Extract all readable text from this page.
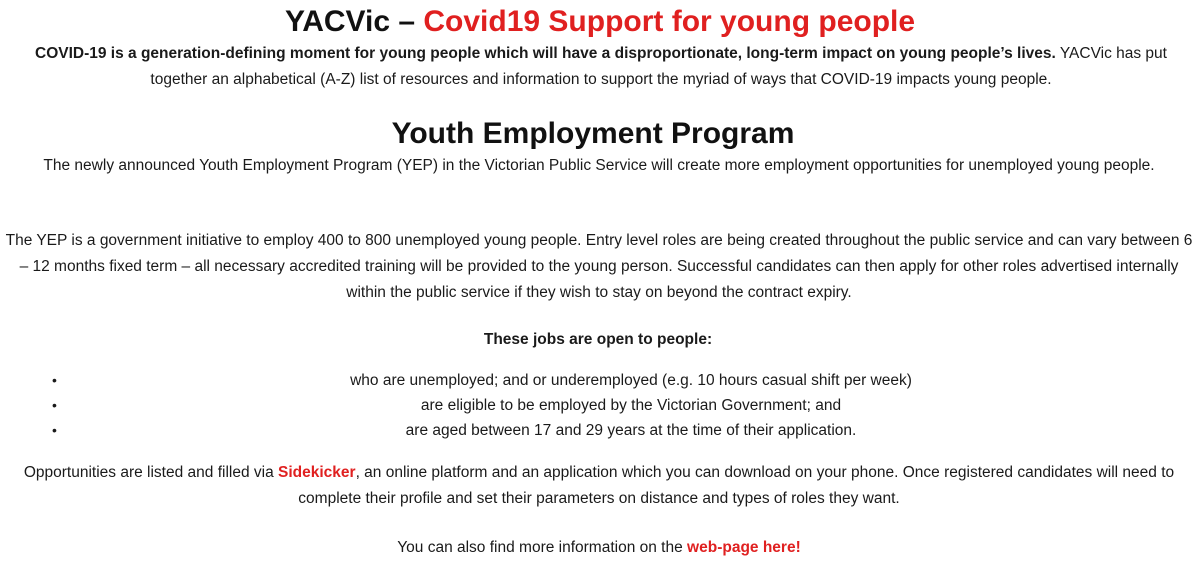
YACVic – Covid19 Support for young people

COVID-19 is a generation-defining moment for young people which will have a disproportionate, long-term impact on young people’s lives. YACVic has put together an alphabetical (A-Z) list of resources and information to support the myriad of ways that COVID-19 impacts young people.

Youth Employment Program

The newly announced Youth Employment Program (YEP) in the Victorian Public Service will create more employment opportunities for unemployed young people.

The YEP is a government initiative to employ 400 to 800 unemployed young people. Entry level roles are being created throughout the public service and can vary between 6 – 12 months fixed term – all necessary accredited training will be provided to the young person. Successful candidates can then apply for other roles advertised internally within the public service if they wish to stay on beyond the contract expiry.

These jobs are open to people:

•	who are unemployed; and or underemployed (e.g. 10 hours casual shift per week)
•	are eligible to be employed by the Victorian Government; and
•	are aged between 17 and 29 years at the time of their application.

Opportunities are listed and filled via Sidekicker, an online platform and an application which you can download on your phone. Once registered candidates will need to complete their profile and set their parameters on distance and types of roles they want.

You can also find more information on the web-page here!
